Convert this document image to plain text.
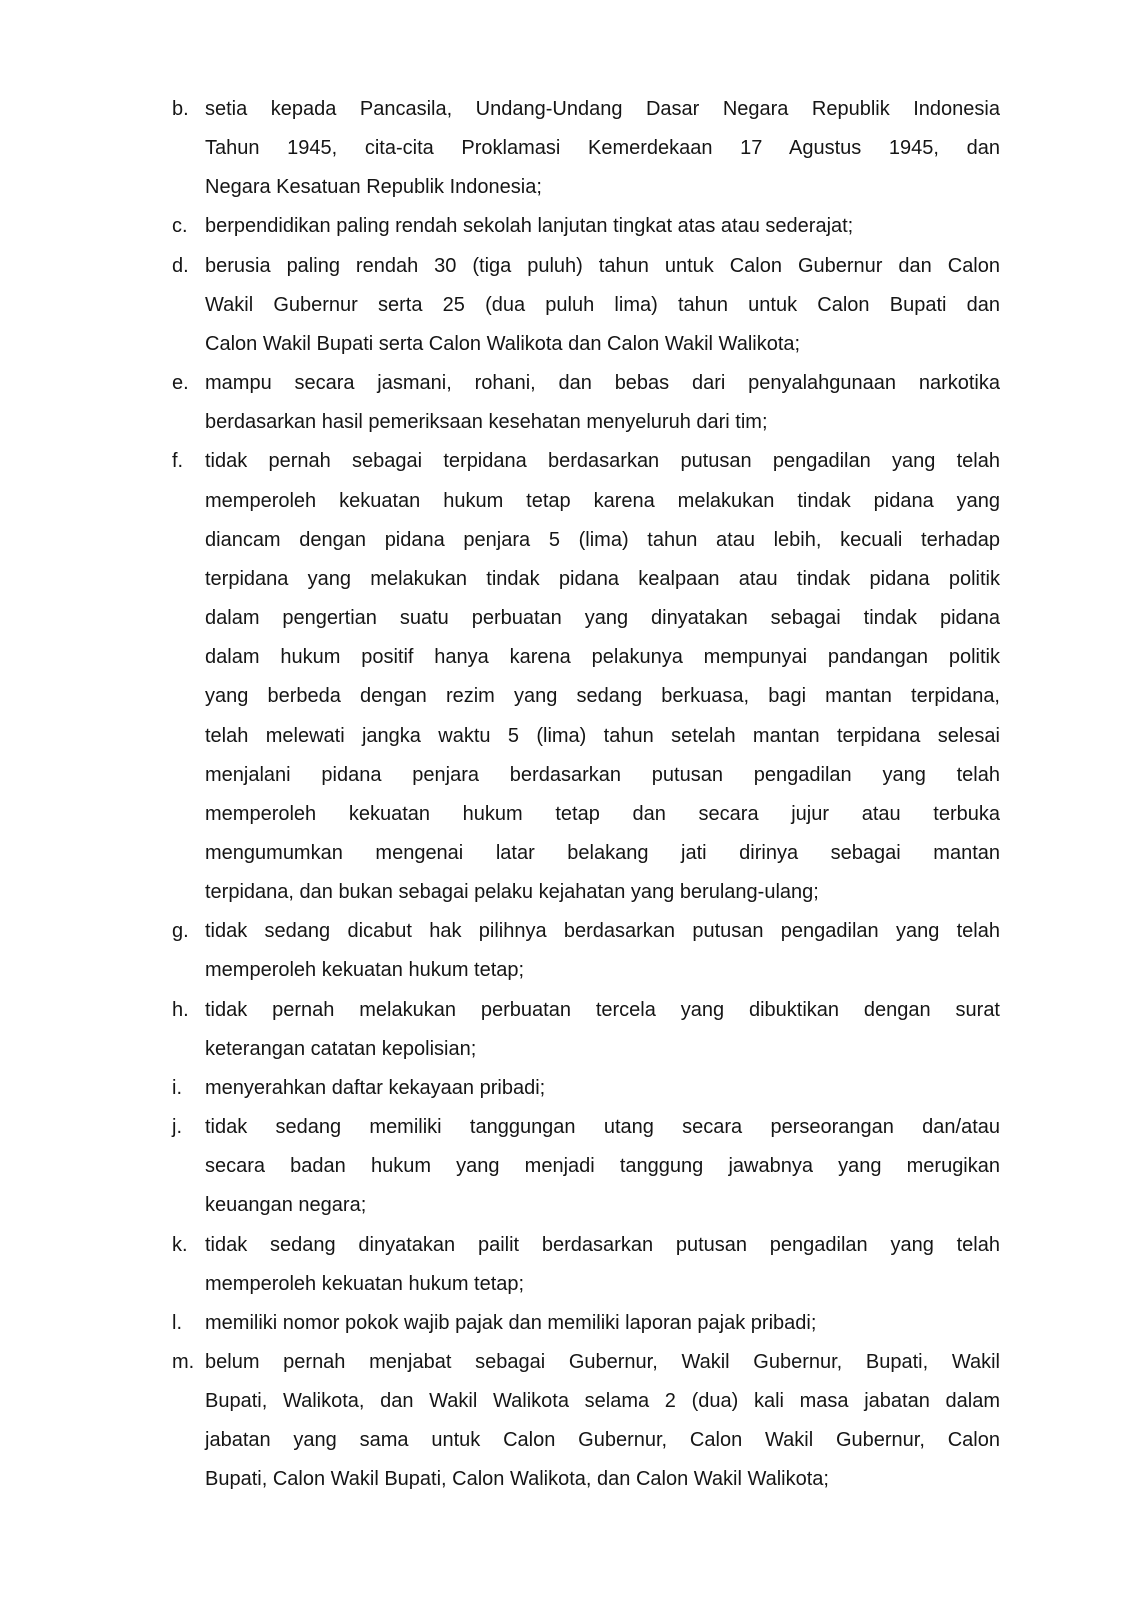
b. setia kepada Pancasila, Undang-Undang Dasar Negara Republik Indonesia
Tahun 1945, cita-cita Proklamasi Kemerdekaan 17 Agustus 1945, dan
Negara Kesatuan Republik Indonesia;
c. berpendidikan paling rendah sekolah lanjutan tingkat atas atau sederajat;
d. berusia paling rendah 30 (tiga puluh) tahun untuk Calon Gubernur dan Calon
Wakil Gubernur serta 25 (dua puluh lima) tahun untuk Calon Bupati dan
Calon Wakil Bupati serta Calon Walikota dan Calon Wakil Walikota;
e. mampu secara jasmani, rohani, dan bebas dari penyalahgunaan narkotika
berdasarkan hasil pemeriksaan kesehatan menyeluruh dari tim;
f.	tidak pernah sebagai terpidana berdasarkan putusan pengadilan yang telah
memperoleh kekuatan hukum tetap karena melakukan tindak pidana yang
diancam dengan pidana penjara 5 (lima) tahun atau lebih, kecuali terhadap
terpidana yang melakukan tindak pidana kealpaan atau tindak pidana politik
dalam pengertian suatu perbuatan yang dinyatakan sebagai tindak pidana
dalam hukum positif hanya karena pelakunya mempunyai pandangan politik
yang berbeda dengan rezim yang sedang berkuasa, bagi mantan terpidana,
telah melewati jangka waktu 5 (lima) tahun setelah mantan terpidana selesai
menjalani pidana penjara berdasarkan putusan pengadilan yang telah
memperoleh kekuatan hukum tetap dan secara jujur atau terbuka
mengumumkan mengenai latar belakang jati dirinya sebagai mantan
terpidana, dan bukan sebagai pelaku kejahatan yang berulang-ulang;
g. tidak sedang dicabut hak pilihnya berdasarkan putusan pengadilan yang telah
memperoleh kekuatan hukum tetap;
h. tidak pernah melakukan perbuatan tercela yang dibuktikan dengan surat
keterangan catatan kepolisian;
i.	menyerahkan daftar kekayaan pribadi;
j.	tidak sedang memiliki tanggungan utang secara perseorangan dan/atau
secara badan hukum yang menjadi tanggung jawabnya yang merugikan
keuangan negara;
k. tidak sedang dinyatakan pailit berdasarkan putusan pengadilan yang telah
memperoleh kekuatan hukum tetap;
l.	memiliki nomor pokok wajib pajak dan memiliki laporan pajak pribadi;
m. belum pernah menjabat sebagai Gubernur, Wakil Gubernur, Bupati, Wakil
Bupati, Walikota, dan Wakil Walikota selama 2 (dua) kali masa jabatan dalam
jabatan yang sama untuk Calon Gubernur, Calon Wakil Gubernur, Calon
Bupati, Calon Wakil Bupati, Calon Walikota, dan Calon Wakil Walikota;
